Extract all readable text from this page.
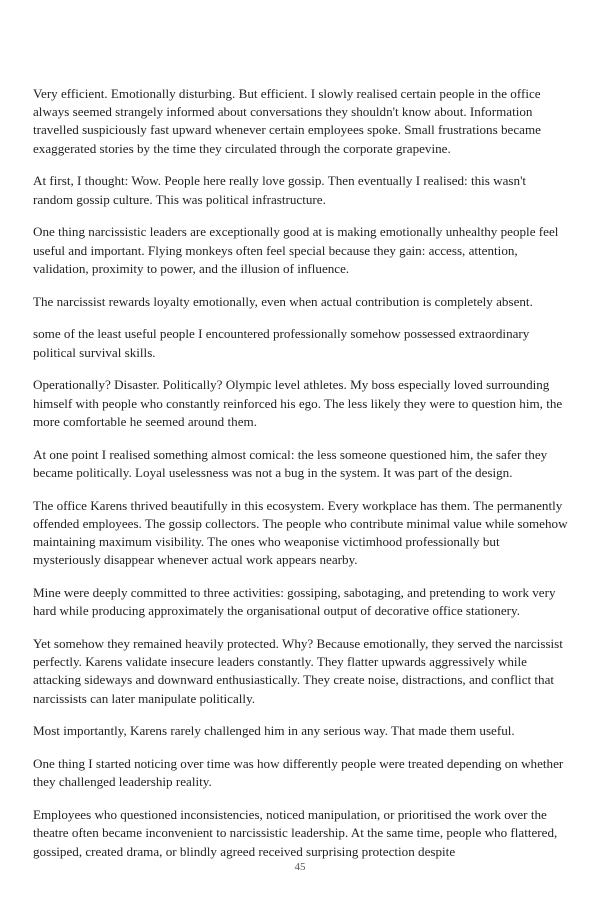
Very efficient. Emotionally disturbing. But efficient. I slowly realised certain people in the office always seemed strangely informed about conversations they shouldn't know about. Information travelled suspiciously fast upward whenever certain employees spoke. Small frustrations became exaggerated stories by the time they circulated through the corporate grapevine.

At first, I thought: Wow. People here really love gossip. Then eventually I realised: this wasn't random gossip culture. This was political infrastructure.

One thing narcissistic leaders are exceptionally good at is making emotionally unhealthy people feel useful and important. Flying monkeys often feel special because they gain: access, attention, validation, proximity to power, and the illusion of influence.

The narcissist rewards loyalty emotionally, even when actual contribution is completely absent.

some of the least useful people I encountered professionally somehow possessed extraordinary political survival skills.

Operationally? Disaster. Politically? Olympic level athletes. My boss especially loved surrounding himself with people who constantly reinforced his ego. The less likely they were to question him, the more comfortable he seemed around them.

At one point I realised something almost comical: the less someone questioned him, the safer they became politically. Loyal uselessness was not a bug in the system. It was part of the design.

The office Karens thrived beautifully in this ecosystem. Every workplace has them. The permanently offended employees. The gossip collectors. The people who contribute minimal value while somehow maintaining maximum visibility. The ones who weaponise victimhood professionally but mysteriously disappear whenever actual work appears nearby.

Mine were deeply committed to three activities: gossiping, sabotaging, and pretending to work very hard while producing approximately the organisational output of decorative office stationery.

Yet somehow they remained heavily protected. Why? Because emotionally, they served the narcissist perfectly. Karens validate insecure leaders constantly. They flatter upwards aggressively while attacking sideways and downward enthusiastically. They create noise, distractions, and conflict that narcissists can later manipulate politically.

Most importantly, Karens rarely challenged him in any serious way. That made them useful.

One thing I started noticing over time was how differently people were treated depending on whether they challenged leadership reality.

Employees who questioned inconsistencies, noticed manipulation, or prioritised the work over the theatre often became inconvenient to narcissistic leadership. At the same time, people who flattered, gossiped, created drama, or blindly agreed received surprising protection despite

45
